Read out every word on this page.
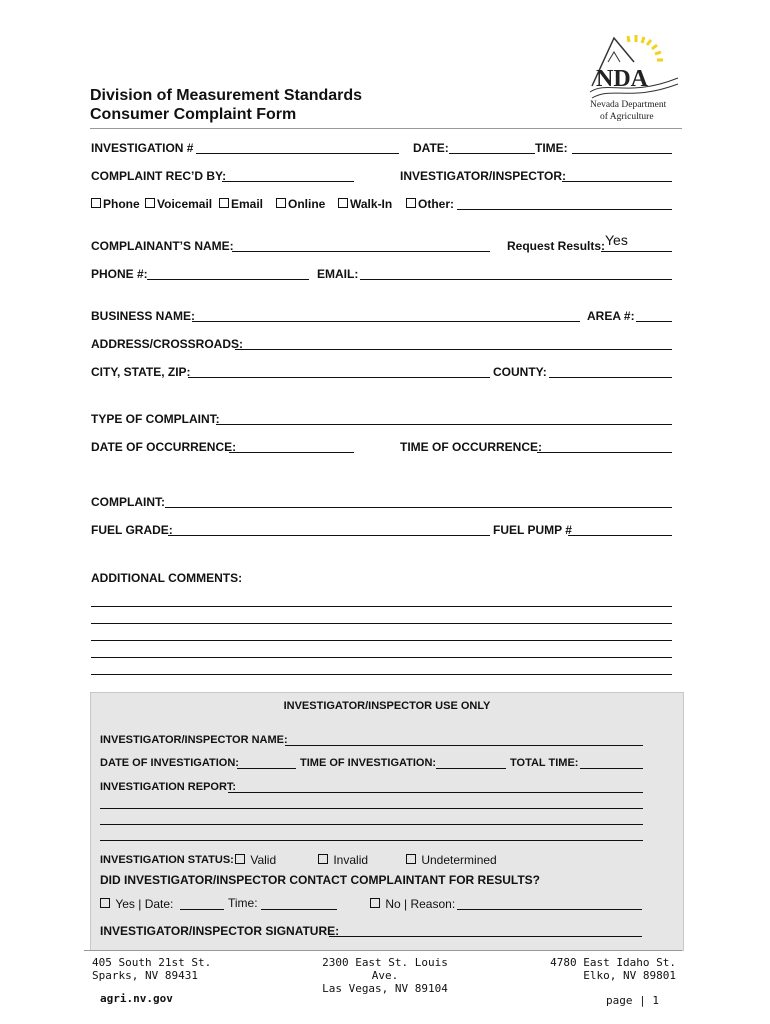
Division of Measurement Standards
Consumer Complaint Form
NDA
Nevada Department
of Agriculture
INVESTIGATION #	DATE:	TIME:
COMPLAINT REC’D BY:	INVESTIGATOR/INSPECTOR:
Phone	Voicemail	Email	Online	Walk-In	Other:
COMPLAINANT’S NAME:	Request Results: Yes
PHONE #:	EMAIL:
BUSINESS NAME:	AREA #:
ADDRESS/CROSSROADS:
CITY, STATE, ZIP:	COUNTY:
TYPE OF COMPLAINT:
DATE OF OCCURRENCE:	TIME OF OCCURRENCE:
COMPLAINT:
FUEL GRADE:	FUEL PUMP #
ADDITIONAL COMMENTS:
INVESTIGATOR/INSPECTOR USE ONLY
INVESTIGATOR/INSPECTOR NAME:
DATE OF INVESTIGATION:	TIME OF INVESTIGATION:	TOTAL TIME:
INVESTIGATION REPORT:
INVESTIGATION STATUS:	Valid	Invalid	Undetermined
DID INVESTIGATOR/INSPECTOR CONTACT COMPLAINTANT FOR RESULTS?
Yes | Date:	Time:	No | Reason:
INVESTIGATOR/INSPECTOR SIGNATURE:
405 South 21st St.
Sparks, NV 89431
2300 East St. Louis Ave.
Las Vegas, NV 89104
4780 East Idaho St.
Elko, NV 89801
agri.nv.gov	page | 1
